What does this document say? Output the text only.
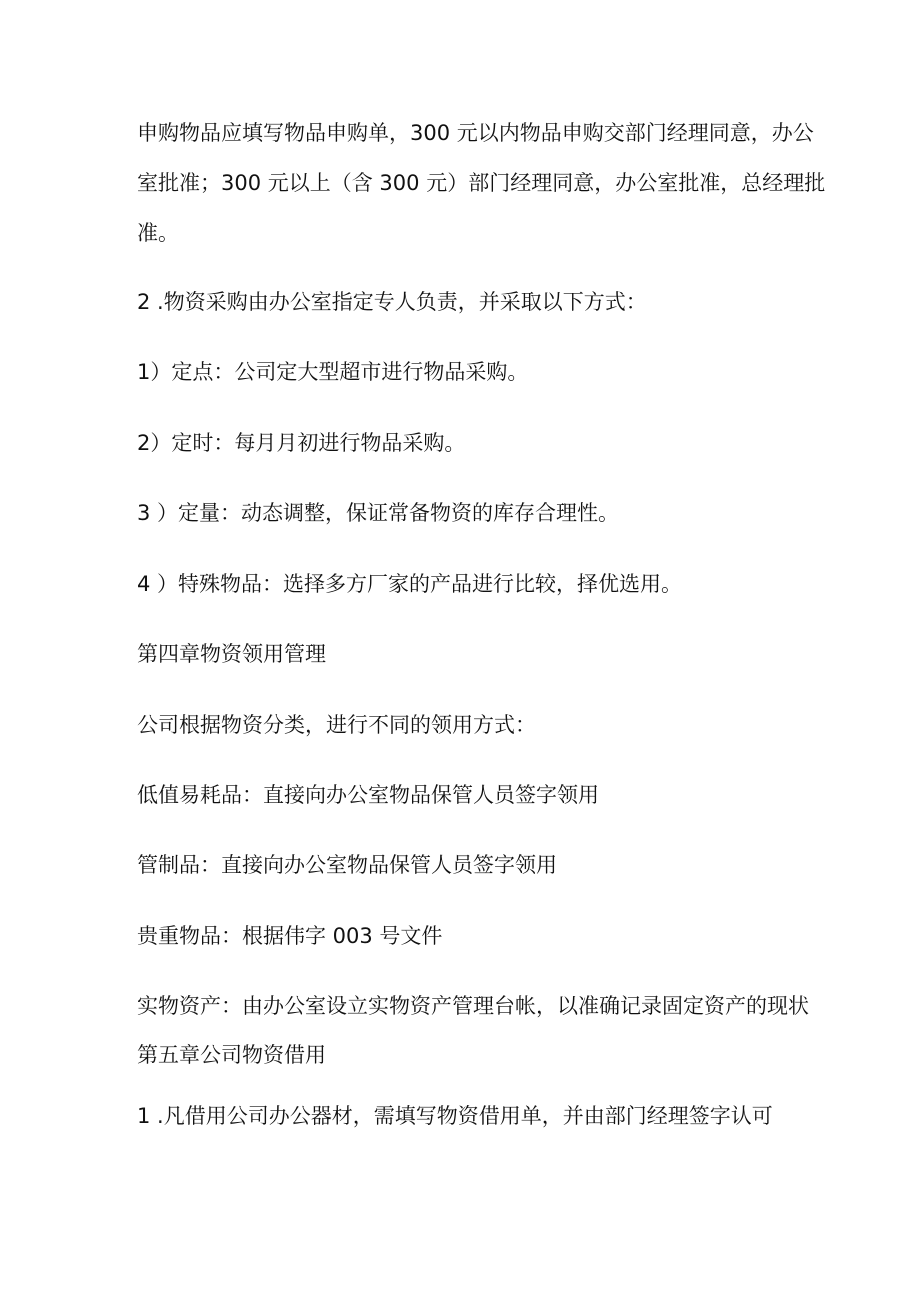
申购物品应填写物品申购单，300 元以内物品申购交部门经理同意，办公
室批准；300 元以上（含 300 元）部门经理同意，办公室批准，总经理批
准。
2 .物资采购由办公室指定专人负责，并采取以下方式：
1）定点：公司定大型超市进行物品采购。
2）定时：每月月初进行物品采购。
3 ）定量：动态调整，保证常备物资的库存合理性。
4 ）特殊物品：选择多方厂家的产品进行比较，择优选用。
第四章物资领用管理
公司根据物资分类，进行不同的领用方式：
低值易耗品：直接向办公室物品保管人员签字领用
管制品：直接向办公室物品保管人员签字领用
贵重物品：根据伟字 003 号文件
实物资产：由办公室设立实物资产管理台帐，以准确记录固定资产的现状
第五章公司物资借用
1 .凡借用公司办公器材，需填写物资借用单，并由部门经理签字认可
